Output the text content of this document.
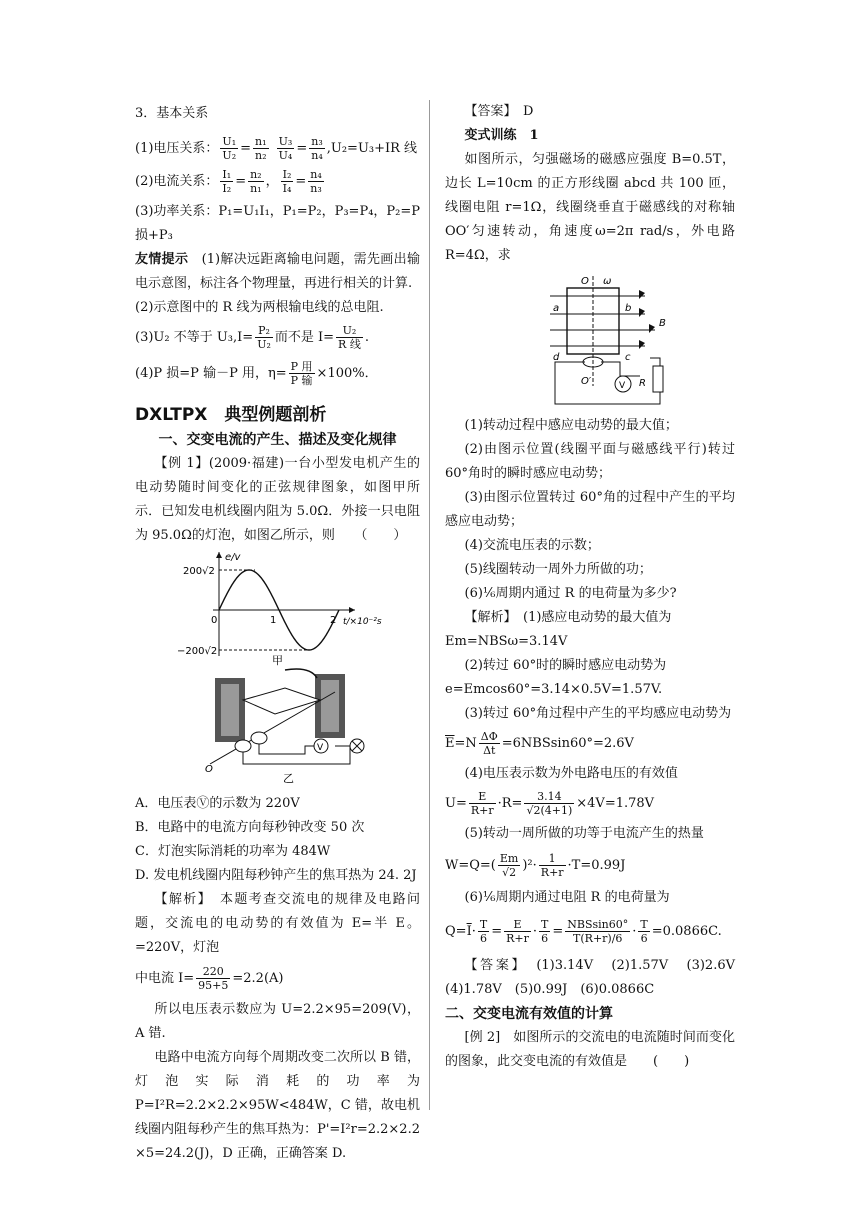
3．基本关系

(1)电压关系： $\frac{\text{U₁}}{\text{U₂}} = \frac{\text{n₁}}{\text{n₂}}$
$\frac{\text{U₃}}{\text{U₄}} = \frac{\text{n₃}}{\text{n₄}} ,U_2=U_3+IR$ 线
(2)电流关系： $\frac{\text{I₁}}{\text{I₂}} = \frac{\text{n₂}}{\text{n₁}}$ ， $\frac{\text{I₂}}{\text{I₄}} = \frac{\text{n₄}}{\text{n₃}}$

(3)功率关系：P₁=U₁I₁，P₁=P₂，P₃=P₄，P₂=P 损+P₃

友情提示　 (1)解决远距离输电问题，需先画出输电示意图，标注各个物理量，再进行相关的计算.

(2)示意图中的 R 线为两根输电线的总电阻.

(3)U₂ 不等于 $U_3,I= \frac{\text{P₂}}{\text{U₂}}$ 而不是 $I= \frac{\text{U₂}}{\text{R 线}}$ .
(4)P 损=P 输－P 用，$\eta= \frac{\text{P 用}}{\text{P 输}} \times 100\%$．
DXLTPX　典型例题剖析
一、交变电流的产生、描述及变化规律

【例 1】(2009·福建)一台小型发电机产生的电动势随时间变化的正弦规律图象，如图甲所示．已知发电机线圈内阻为 5.0Ω．外接一只电阻为 95.0Ω的灯泡，如图乙所示，则　　（　　）

e/v
200√2
−200√2
0	1	2 t/×10⁻²s
甲
V
O
乙

A．电压表Ⓥ的示数为 220V

B．电路中的电流方向每秒钟改变 50 次

C．灯泡实际消耗的功率为 484W

D. 发电机线圈内阻每秒钟产生的焦耳热为 24. 2J

【解析】　本题考查交流电的规律及电路问题，交流电的电动势的有效值为 E=半 E。=220V，灯泡

中电流 $I= \frac{220}{95+5} =2.2(A)$

所以电压表示数应为 U=2.2×95=209(V)，A 错.

电路中电流方向每个周期改变二次所以 B 错，灯泡实际消耗的功率为 P=I²R=2.2×2.2×95W<484W，C 错，故电机线圈内阻每秒产生的焦耳热为：P'=I²r=2.2×2.2 ×5=24.2(J)，D 正确，正确答案 D.

【答案】　D

变式训练　1

如图所示，匀强磁场的磁感应强度 B=0.5T，边长 L=10cm 的正方形线圈 abcd 共 100 匝，线圈电阻 r=1Ω，线圈绕垂直于磁感线的对称轴 OO′匀速转动，角速度ω=2π rad/s，外电路 R=4Ω，求

V R
O ω
a	b
B
d	c
O′

(1)转动过程中感应电动势的最大值；

(2)由图示位置(线圈平面与磁感线平行)转过 60°角时的瞬时感应电动势；

(3)由图示位置转过 60°角的过程中产生的平均感应电动势；

(4)交流电压表的示数；

(5)线圈转动一周外力所做的功；

(6)⅙周期内通过 R 的电荷量为多少?

【解析】　(1)感应电动势的最大值为

Em=NBSω=3.14V

(2)转过 60°时的瞬时感应电动势为

e=Emcos60°=3.14×0.5V=1.57V.

(3)转过 60°角过程中产生的平均感应电动势为

$\overline{E}=N \frac{\Delta\Phi}{\Delta t} =6NBSsin60^\circ=2.6V$

(4)电压表示数为外电路电压的有效值

$U= \frac{E}{R+r} \cdot R= \frac{3.14}{√2(4+1)} \times 4V=1.78V$

(5)转动一周所做的功等于电流产生的热量

$W=Q=( \frac{Em}{√2} )^2\cdot \frac{1}{R+r} \cdot T=0.99J$

(6)⅙周期内通过电阻 R 的电荷量为

$Q=\overline{I}\cdot \frac{T}{6} = \frac{E}{R+r} \cdot \frac{T}{6} = \frac{\text{NBSsin60°}}{T(R+r)/6} \cdot \frac{T}{6} =0.0866C$.

【答案】　(1)3.14V　(2)1.57V　(3)2.6V　(4)1.78V　(5)0.99J　(6)0.0866C

二、交变电流有效值的计算

[例 2]　如图所示的交流电的电流随时间而变化的图象，此交变电流的有效值是　　(　　)
